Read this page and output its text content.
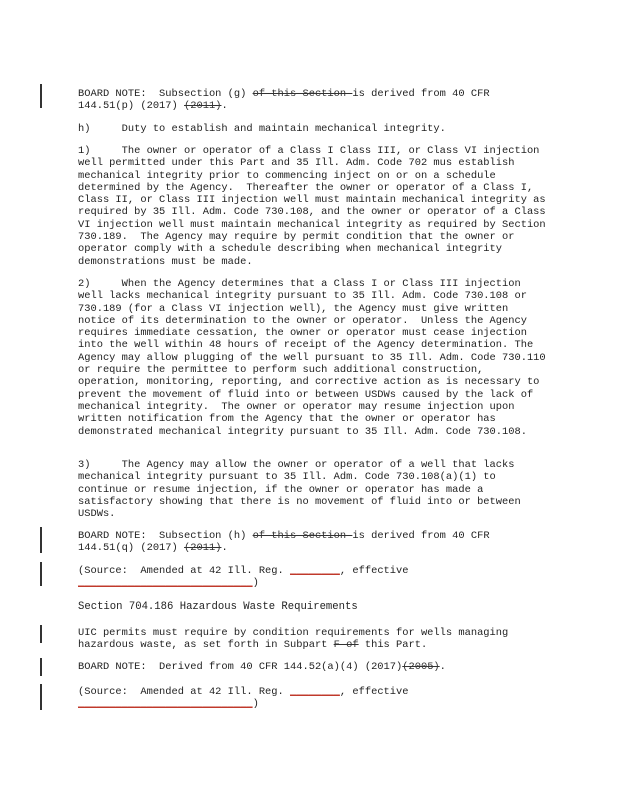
BOARD NOTE:  Subsection (g) of this Section is derived from 40 CFR 144.51(p) (2017) (2011).

h)     Duty to establish and maintain mechanical integrity.

1)     The owner or operator of a Class I Class III, or Class VI injection well permitted under this Part and 35 Ill. Adm. Code 702 mus establish mechanical integrity prior to commencing inject on or on a schedule determined by the Agency.  Thereafter the owner or operator of a Class I, Class II, or Class III injection well must maintain mechanical integrity as required by 35 Ill. Adm. Code 730.108, and the owner or operator of a Class VI injection well must maintain mechanical integrity as required by Section 730.189.  The Agency may require by permit condition that the owner or operator comply with a schedule describing when mechanical integrity demonstrations must be made.

2)     When the Agency determines that a Class I or Class III injection well lacks mechanical integrity pursuant to 35 Ill. Adm. Code 730.108 or 730.189 (for a Class VI injection well), the Agency must give written notice of its determination to the owner or operator.  Unless the Agency requires immediate cessation, the owner or operator must cease injection into the well within 48 hours of receipt of the Agency determination. The Agency may allow plugging of the well pursuant to 35 Ill. Adm. Code 730.110 or require the permittee to perform such additional construction, operation, monitoring, reporting, and corrective action as is necessary to prevent the movement of fluid into or between USDWs caused by the lack of mechanical integrity.  The owner or operator may resume injection upon written notification from the Agency that the owner or operator has demonstrated mechanical integrity pursuant to 35 Ill. Adm. Code 730.108.

3)     The Agency may allow the owner or operator of a well that lacks mechanical integrity pursuant to 35 Ill. Adm. Code 730.108(a)(1) to continue or resume injection, if the owner or operator has made a satisfactory showing that there is no movement of fluid into or between USDWs.

BOARD NOTE:  Subsection (h) of this Section is derived from 40 CFR 144.51(q) (2017) (2011).

(Source:  Amended at 42 Ill. Reg. ________, effective
____________________________)

Section 704.186 Hazardous Waste Requirements

UIC permits must require by condition requirements for wells managing hazardous waste, as set forth in Subpart F of this Part.

BOARD NOTE:  Derived from 40 CFR 144.52(a)(4) (2017)(2005).

(Source:  Amended at 42 Ill. Reg. ________, effective
____________________________)
